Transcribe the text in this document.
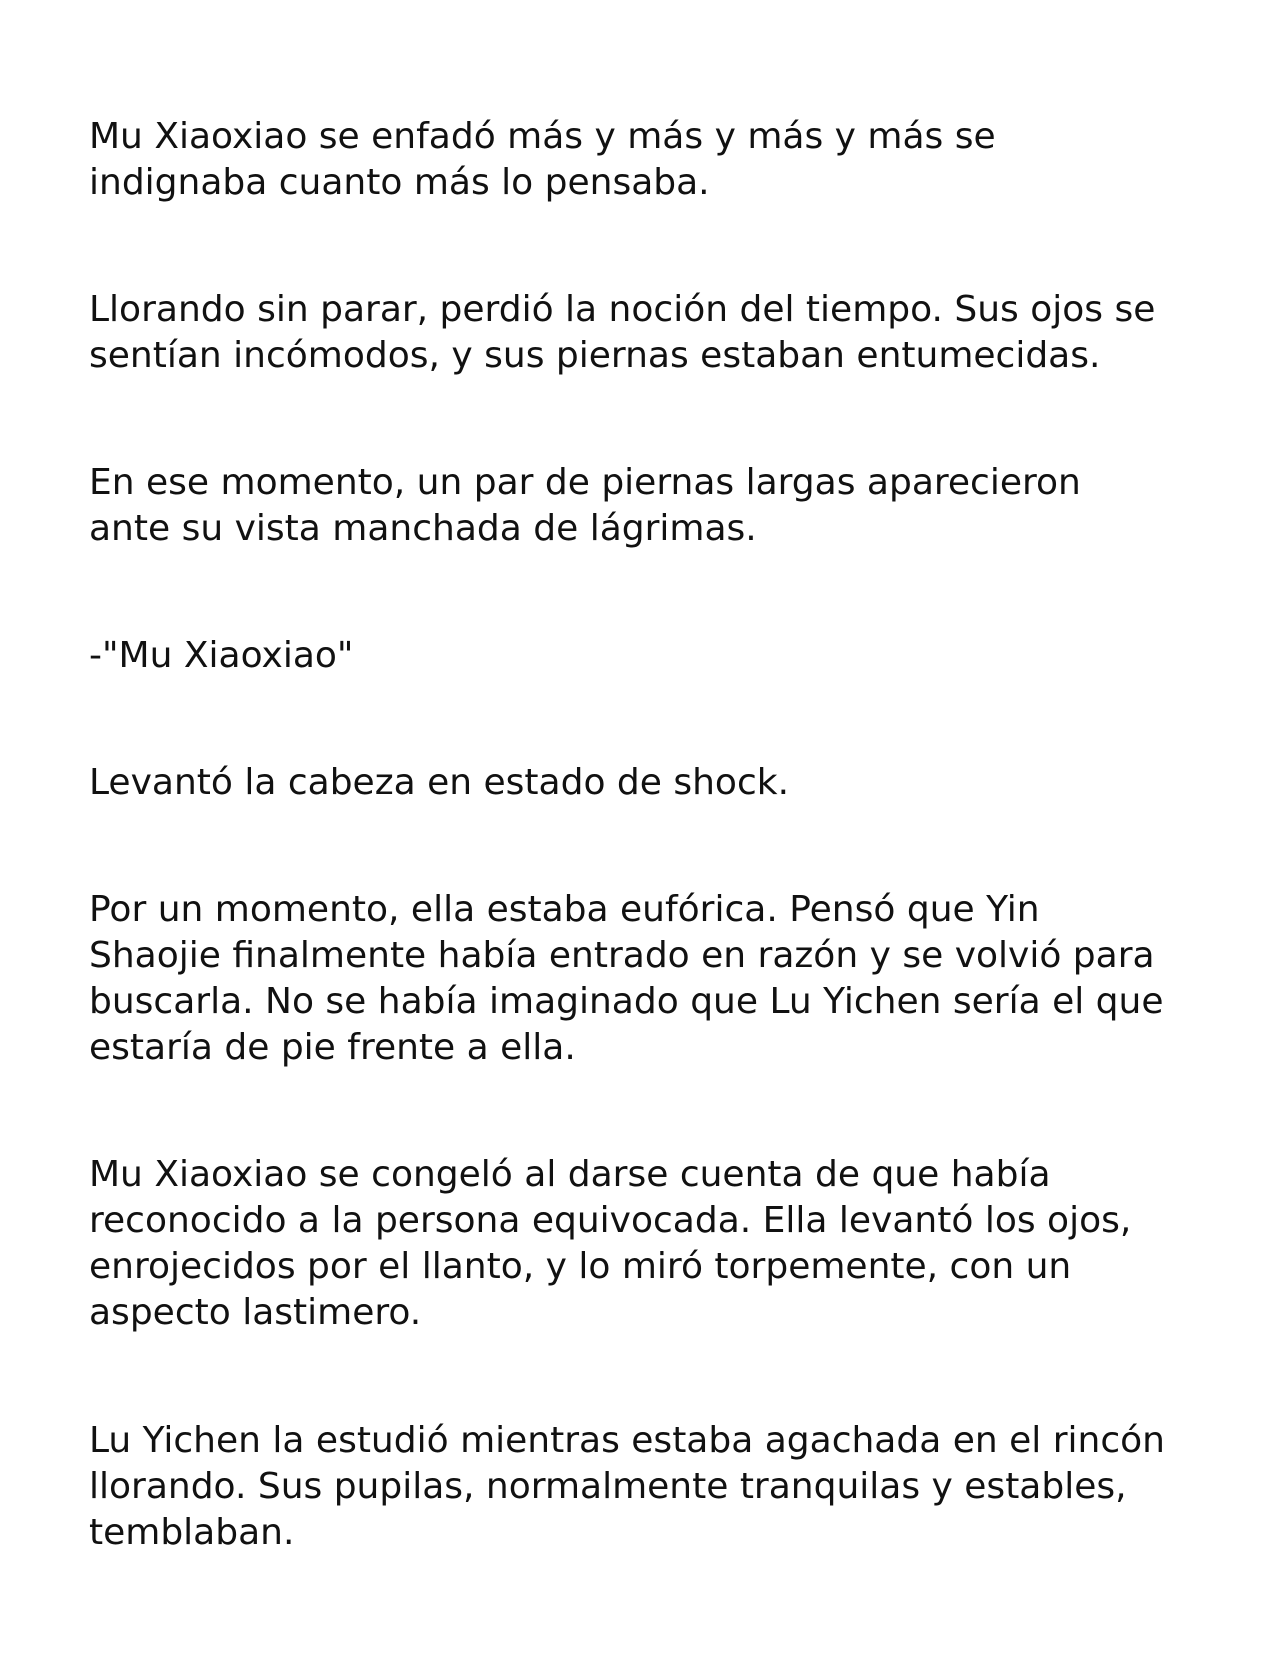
Mu Xiaoxiao se enfadó más y más y más y más se
indignaba cuanto más lo pensaba.

Llorando sin parar, perdió la noción del tiempo. Sus ojos se
sentían incómodos, y sus piernas estaban entumecidas.

En ese momento, un par de piernas largas aparecieron
ante su vista manchada de lágrimas.

-"Mu Xiaoxiao"

Levantó la cabeza en estado de shock.

Por un momento, ella estaba eufórica. Pensó que Yin
Shaojie finalmente había entrado en razón y se volvió para
buscarla. No se había imaginado que Lu Yichen sería el que
estaría de pie frente a ella.

Mu Xiaoxiao se congeló al darse cuenta de que había
reconocido a la persona equivocada. Ella levantó los ojos,
enrojecidos por el llanto, y lo miró torpemente, con un
aspecto lastimero.

Lu Yichen la estudió mientras estaba agachada en el rincón
llorando. Sus pupilas, normalmente tranquilas y estables,
temblaban.
